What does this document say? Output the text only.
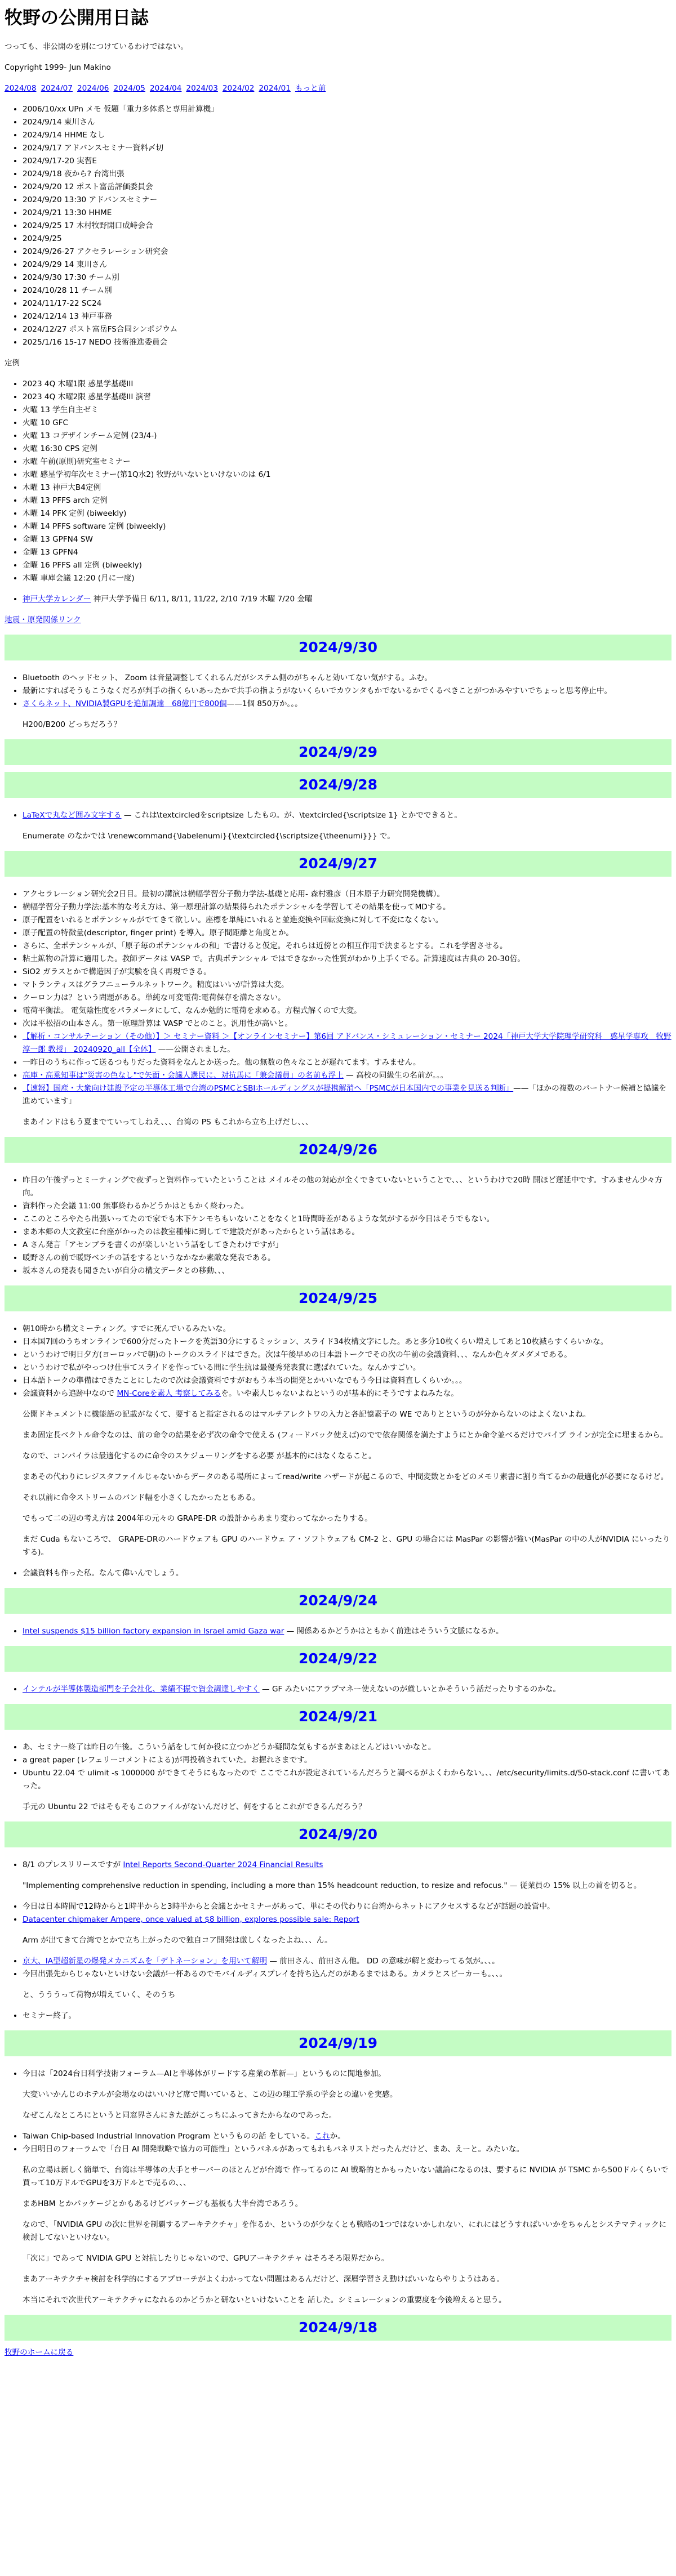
牧野の公開用日誌

つっても、非公開のを別につけているわけではない。

Copyright 1999- Jun Makino

2024/08 2024/07 2024/06 2024/05 2024/04 2024/03 2024/02 2024/01 もっと前

• 2006/10/xx UPn メモ 仮題「重力多体系と専用計算機」
• 2024/9/14 東川さん
• 2024/9/14 HHME なし
• 2024/9/17 アドバンスセミナー資料〆切
• 2024/9/17-20 実習E
• 2024/9/18 夜から? 台湾出張
• 2024/9/20 12 ポスト富岳評価委員会
• 2024/9/20 13:30 アドバンスセミナー
• 2024/9/21 13:30 HHME
• 2024/9/25 17 木村牧野開口成峙会合
• 2024/9/25
• 2024/9/26-27 アクセラレーション研究会
• 2024/9/29 14 東川さん
• 2024/9/30 17:30 チーム別
• 2024/10/28 11 チーム別
• 2024/11/17-22 SC24
• 2024/12/14 13 神戸事務
• 2024/12/27 ポスト富岳FS合同シンポジウム
• 2025/1/16 15-17 NEDO 技術推進委員会

定例

• 2023 4Q 木曜1限 惑星学基礎III
• 2023 4Q 木曜2限 惑星学基礎III 演習
• 火曜 13 学生自主ゼミ
• 火曜 10 GFC
• 火曜 13 コデザインチーム定例 (23/4-)
• 火曜 16:30 CPS 定例
• 水曜 午前(原則)研究室セミナー
• 水曜 感星学初年次セミナー(第1Q水2) 牧野がいないといけないのは 6/1
• 木曜 13 神戸大B4定例
• 木曜 13 PFFS arch 定例
• 木曜 14 PFK 定例 (biweekly)
• 木曜 14 PFFS software 定例 (biweekly)
• 金曜 13 GPFN4 SW
• 金曜 13 GPFN4
• 金曜 16 PFFS all 定例 (biweekly)
• 木曜 車庫会議 12:20 (月に一度)
• 神戸大学カレンダー 神戸大学予備日 6/11, 8/11, 11/22, 2/10 7/19 木曜 7/20 金曜

地震・原発関係リンク

2024/9/30
• Bluetooth のヘッドセット、 Zoom は音量調整してくれるんだがシステム側のがちゃんと効いてない気がする。ふむ。
• 最新にすればそうもこうなくだろが判手の指くらいあったかで共手の指ようがないくらいでカウンタもかでないるかでくるべきことがつかみやすいでちょっと思考停止中。
• さくらネット、NVIDIA製GPUを追加調達　68億円で800個——1個 850万か。。。

H200/B200 どっちだろう？

2024/9/29
2024/9/28
• LaTeXで丸など囲み文字する — これは\textcircledをscriptsize したもの。が、\textcircled{\scriptsize 1} とかでできると。

Enumerate のなかでは \renewcommand{\labelenumi}{\textcircled{\scriptsize{\theenumi}}} で。

2024/9/27
• アクセラレーション研究会2日目。最初の講演は横幅学習分子動力学法-基礎と応用- 森村雅彦（日本原子力研究開発機構）。
• 横幅学習分子動力学法:基本的な考え方は、第一原理計算の結果得られたポテンシャルを学習してその結果を使ってMDする。
• 原子配置をいれるとポテンシャルがでてきて欲しい。座標を単純にいれると並進変換や回転変換に対して不変になくない。
• 原子配置の特徴量(descriptor, finger print) を導入。原子間距離と角度とか。
• さらに、全ポテンシャルが、「原子毎のポテンシャルの和」で書けると仮定。それらは近傍との相互作用で決まるとする。これを学習させる。
• 粘土鉱物の計算に適用した。教師データは VASP で。古典ポテンシャル ではできなかった性質がわかり上手くでる。計算速度は古典の 20-30倍。
• SiO2 ガラスとかで構造因子が実験を良く再現できる。
• マトランティスはグラフニューラルネットワーク。精度はいいが計算は大変。
• クーロン力は？という問題がある。単純な可変電荷:電荷保存を満たさない。
• 電荷平衡法。 電気陰性度をパラメータにして、なんか勉的に電荷を求める。方程式解くので大変。
• 次は平松招の山本さん。第一原理計算は VASP でとのこと。汎用性が高いと。
• 【解析・コンサルテーション（その他）】＞ セミナー資料 ＞【オンラインセミナー】第6回 アドバンス・シミュレーション・セミナー 2024「神戸大学大学院理学研究科　惑星学専攻　牧野 淳一郎 教授」 20240920_all【全体】 ——公開されました。
• 一昨日のうちに作って送るつもりだった資料をなんとか送った。他の無数の色々なことが遅れてます。すみません。
• 高庫・高乗知事は"災害の色なし"で矢面・会議人選民に、対抗馬に「兼会議員」の名前も浮上 — 高校の同級生の名前が。。。
• 【速報】国産・大衆向け建設予定の半導体工場で台湾のPSMCとSBIホールディングスが提携解消へ「PSMCが日本国内での事業を見送る判断」——「ほかの複数のパートナー候補と協議を進めています」

まあインドはもう夏までていってしねえ、、、台湾の PS もこれから立ち上げだし、、、

2024/9/26
• 昨日の午後ずっとミーティングで夜ずっと資料作っていたということは メイルその他の対応が全くできていないということで、、、というわけで20時 開ほど運延中です。すみません少々方向。
• 資料作った会議 11:00 無事終わるかどうかはともかく終わった。
• ここのところやたら出張いってたので家でも木下ケンモちもいないことをなくと1時間時差があるような気がするが今日はそうでもない。
• まあ本郷の大文教室に台座がかったのは教室種棟に到してで建設だがあったからという話はある。
• A さん発言「アセンブラを書くのが楽しいという話をしてきたわけですが」
• 暖野さんの前で暖野ベンチの話をするというなかなか素敵な発表である。
• 坂本さんの発表も聞きたいが自分の構文データとの移動、、、
2024/9/25
• 朝10時から構文ミーティング。すでに死んでいるみたいな。
• 日本国7回のうちオンラインで600分だったトークを英語30分にするミッション、スライド34枚構文字にした。あと多分10枚くらい増えしてあと10枚減らすくらいかな。
• というわけで明日夕方(ヨーロッパで朝)のトークのスライドはできた。次は午後早めの日本語トークでその次の午前の会議資料、、、なんか色々ダメダメである。
• というわけで私がやっつけ仕事てスライドを作っている間に学生抗は最優秀発表賞に選ばれていた。なんかすごい。
• 日本語トークの準備はできたことにしたので次は会議資料ですがおもう本当の開発とかいいなでもう今日は資料直しくらいか。。。
• 会議資料から追跡中なので MN-Coreを素人 考察してみるを。いや素人じゃないよねというのが基本的にそうですよねみたな。

公開ドキュメントに機能語の記載がなくて、要すると指定されるのはマルチアレクトワの入力と各記憶素子の WE でありとというのが分からないのはよくないよね。

まあ固定長ベクトル命令なのは、前の命令の結果を必ず次の命令で使える (フィードバック使えば)のでで依存関係を満たすようにとか命令並べるだけでパイプ ラインが完全に埋まるから。

なので、コンパイラは最適化するのに命令のスケジューリングをする必要 が基本的にはなくなること。

まあその代わりにレジスタファイルじゃないからデータのある場所によってread/write ハザードが起こるので、中間変数とかをどのメモリ素書に割り当てるかの最適化が必要になるけど。

それ以前に命令ストリームのバンド幅を小さくしたかったともある。

でもって二の辺の考え方は 2004年の元々の GRAPE-DR の設計からあまり変わってなかったりする。

まだ Cuda もないころで、 GRAPE-DRのハードウェアも GPU のハードウェ ア・ソフトウェアも CM-2 と、GPU の場合には MasPar の影響が強い(MasPar の中の人がNVIDIA にいったりする)。

• 会議資料も作った私。なんて偉いんでしょう。
2024/9/24
• Intel suspends $15 billion factory expansion in Israel amid Gaza war — 関係あるかどうかはともかく前進はそういう文脈になるか。
2024/9/22
• インテルが半導体製造部門を子会社化、業績不振で資金調達しやすく — GF みたいにアラブマネー使えないのが厳しいとかそういう話だったりするのかな。
2024/9/21
• あ、セミナー終了は昨日の午後。こういう話をして何か役に立つかどうか疑問な気もするがまあほとんどはいいかなと。
• a great paper (レフェリーコメントによる)が再投稿されていた。お握れさまです。
• Ubuntu 22.04 で ulimit -s 1000000 ができてそうにもなったので ここでこれが設定されているんだろうと調べるがよくわからない。、、/etc/security/limits.d/50-stack.conf に書いてあった。

手元の Ubuntu 22 ではそもそもこのファイルがないんだけど、何をするとこれができるんだろう？

2024/9/20
• 8/1 のプレスリリースですが Intel Reports Second-Quarter 2024 Financial Results

"Implementing comprehensive reduction in spending, including a more than 15% headcount reduction, to resize and refocus." — 従業員の 15% 以上の首を切ると。

• 今日は日本時間で12時からと1時半からと3時半からと会議とかセミナーがあって、単にその代わりに台湾からネットにアクセスするなどが話題の設営中。
• Datacenter chipmaker Ampere, once valued at $8 billion, explores possible sale: Report

Arm が出てきて台湾でとかで立ち上がったので独自コア開発は厳しくなったよね、、、ん。

• 京大、IA型超新星の爆発メカニズムを「デトネーション」を用いて解明 — 前田さん、前田さん他。 DD の意味が解と変わってる気が。、、。
• 今回出張先からじゃないといけない会議が一杯あるのでモバイルディスプレイを持ち込んだのがあるまではある。カメラとスピーカーも。、、。

と、うううって荷物が増えていく、そのうち

• セミナー終了。
2024/9/19
• 今日は「2024台日科学技術フォーラム—AIと半導体がリードする産業の革新—」というものに聞地参加。

大変いいかんじのホテルが会場なのはいいけど席で聞いていると、この辺の理工学系の学会との違いを実感。

なぜこんなところにというと同窓界さんにきた話がこっちにふってきたからなのであった。

• Taiwan Chip-based Industrial Innovation Program というものの話 をしている。これか。
• 今日明日のフォーラムで「台日 AI 開発戦略で協力の可能性」というパネルがあってもれもパネリストだったんだけど、まあ、えーと。みたいな。

私の立場は新しく簡単で、台湾は半導体の大手とサーバーのほとんどが台湾で 作ってるのに AI 戦略的とかもったいない議論になるのは、要するに NVIDIA が TSMC から500ドルくらいで買って10万ドルでGPUを3万ドルとで売るの、、、

まあHBM とかパッケージとかもあるけどパッケージも基板も大半台湾であろう。

なので、「NVIDIA GPU の次に世界を制覇するアーキテクチャ」を作るか、というのが少なくとも戦略の1つではないかしれない、にれにはどうすればいいかをちゃんとシステマティックに検討してないといけない。

「次に」であって NVIDIA GPU と対抗したりじゃないので、GPUアーキテクチャ はそろそろ限界だから。

まあアーキテクチャ検討を科学的にするアプローチがよくわかってない問題はあるんだけど、深層学習さえ動けばいいならやりようはある。

本当にそれで次世代アーキテクチャになれるのかどうかと研ないといけないことを 話した。シミュレーションの重要度を今後増えると思う。

2024/9/18

牧野のホームに戻る
